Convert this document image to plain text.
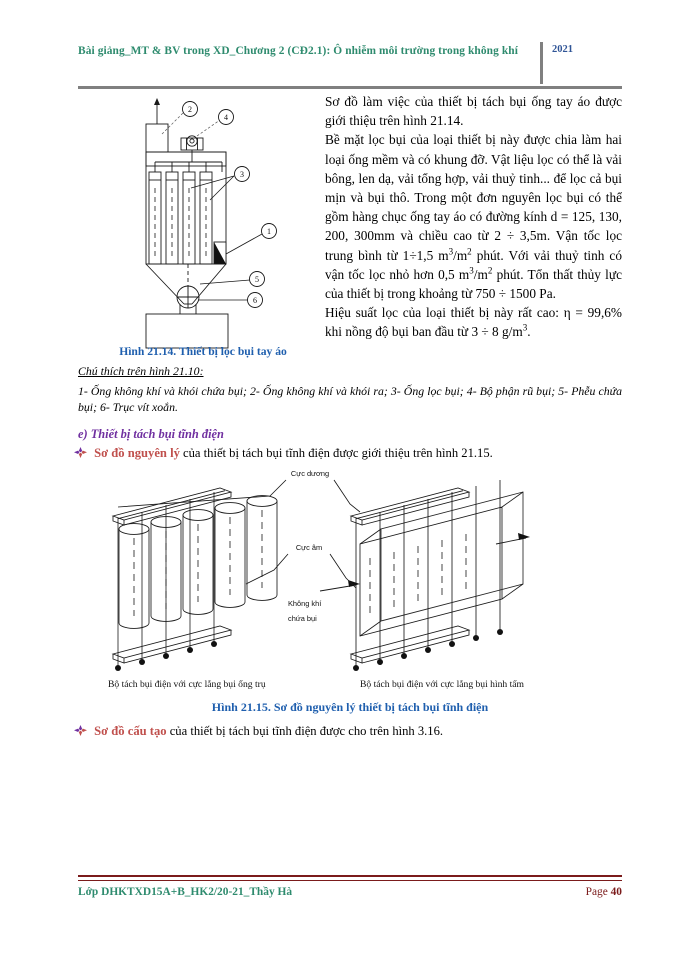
Bài giảng_MT & BV trong XD_Chương 2 (CĐ2.1): Ô nhiễm môi trường trong không khí	2021
2
4
3
1
5
6

Sơ đồ làm việc của thiết bị tách bụi ống tay áo được giới thiệu trên hình 21.14.

Bề mặt lọc bụi của loại thiết bị này được chia làm hai loại ống mềm và có khung đỡ. Vật liệu lọc có thể là vải bông, len dạ, vải tổng hợp, vải thuỷ tinh... để lọc cả bụi mịn và bụi thô. Trong một đơn nguyên lọc bụi có thể gồm hàng chục ống tay áo có đường kính d = 125, 130, 200, 300mm và chiều cao từ 2 ÷ 3,5m. Vận tốc lọc trung bình từ 1÷1,5 $m^3/m^2$ phút. Với vải thuỷ tinh có vận tốc lọc nhỏ hơn 0,5 $m^3/m^2$ phút. Tổn thất thủy lực của thiết bị trong khoảng từ 750 ÷ 1500 Pa.

Hiệu suất lọc của loại thiết bị này rất cao: η = 99,6% khi nồng độ bụi ban đầu từ 3 ÷ 8 $g/m^3$.

Hình 21.14. Thiết bị lọc bụi tay áo
Chú thích trên hình 21.10:
1- Ống không khí và khói chứa bụi; 2- Ống không khí và khói ra; 3- Ống lọc bụi; 4- Bộ phận rũ bụi; 5- Phễu chứa bụi; 6- Trục vít xoắn.
e) Thiết bị tách bụi tĩnh điện
Sơ đồ nguyên lý của thiết bị tách bụi tĩnh điện được giới thiệu trên hình 21.15.
Cực dương
Cực âm
Không khí
chứa bụi
Bộ tách bụi điện với cực lắng bụi ống trụ	Bộ tách bụi điện với cực lắng bụi hình tấm
Hình 21.15. Sơ đồ nguyên lý thiết bị tách bụi tĩnh điện
Sơ đồ cấu tạo của thiết bị tách bụi tĩnh điện được cho trên hình 3.16.
Lớp DHKTXD15A+B_HK2/20-21_Thầy Hà	Page 40
